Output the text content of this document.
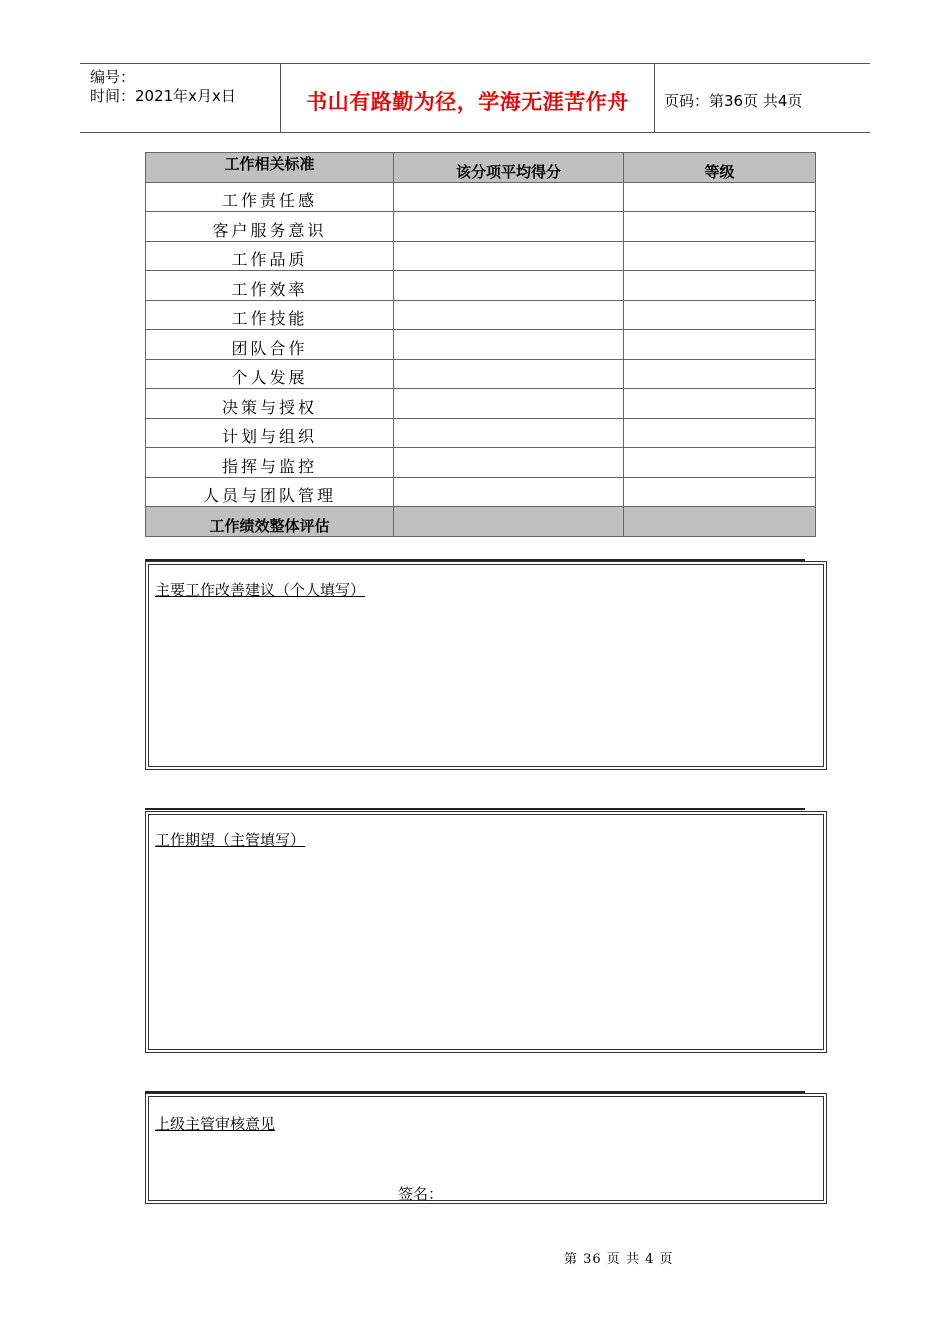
编号：
时间：2021年x月x日	书山有路勤为径，学海无涯苦作舟	页码：第36页 共4页
工作相关标准	该分项平均得分	等级
工作责任感		
客户服务意识		
工作品质		
工作效率		
工作技能		
团队合作		
个人发展		
决策与授权		
计划与组织		
指挥与监控		
人员与团队管理		
工作绩效整体评估		
主要工作改善建议（个人填写）
工作期望（主管填写）
上级主管审核意见
签名：
第 36 页 共 4 页
